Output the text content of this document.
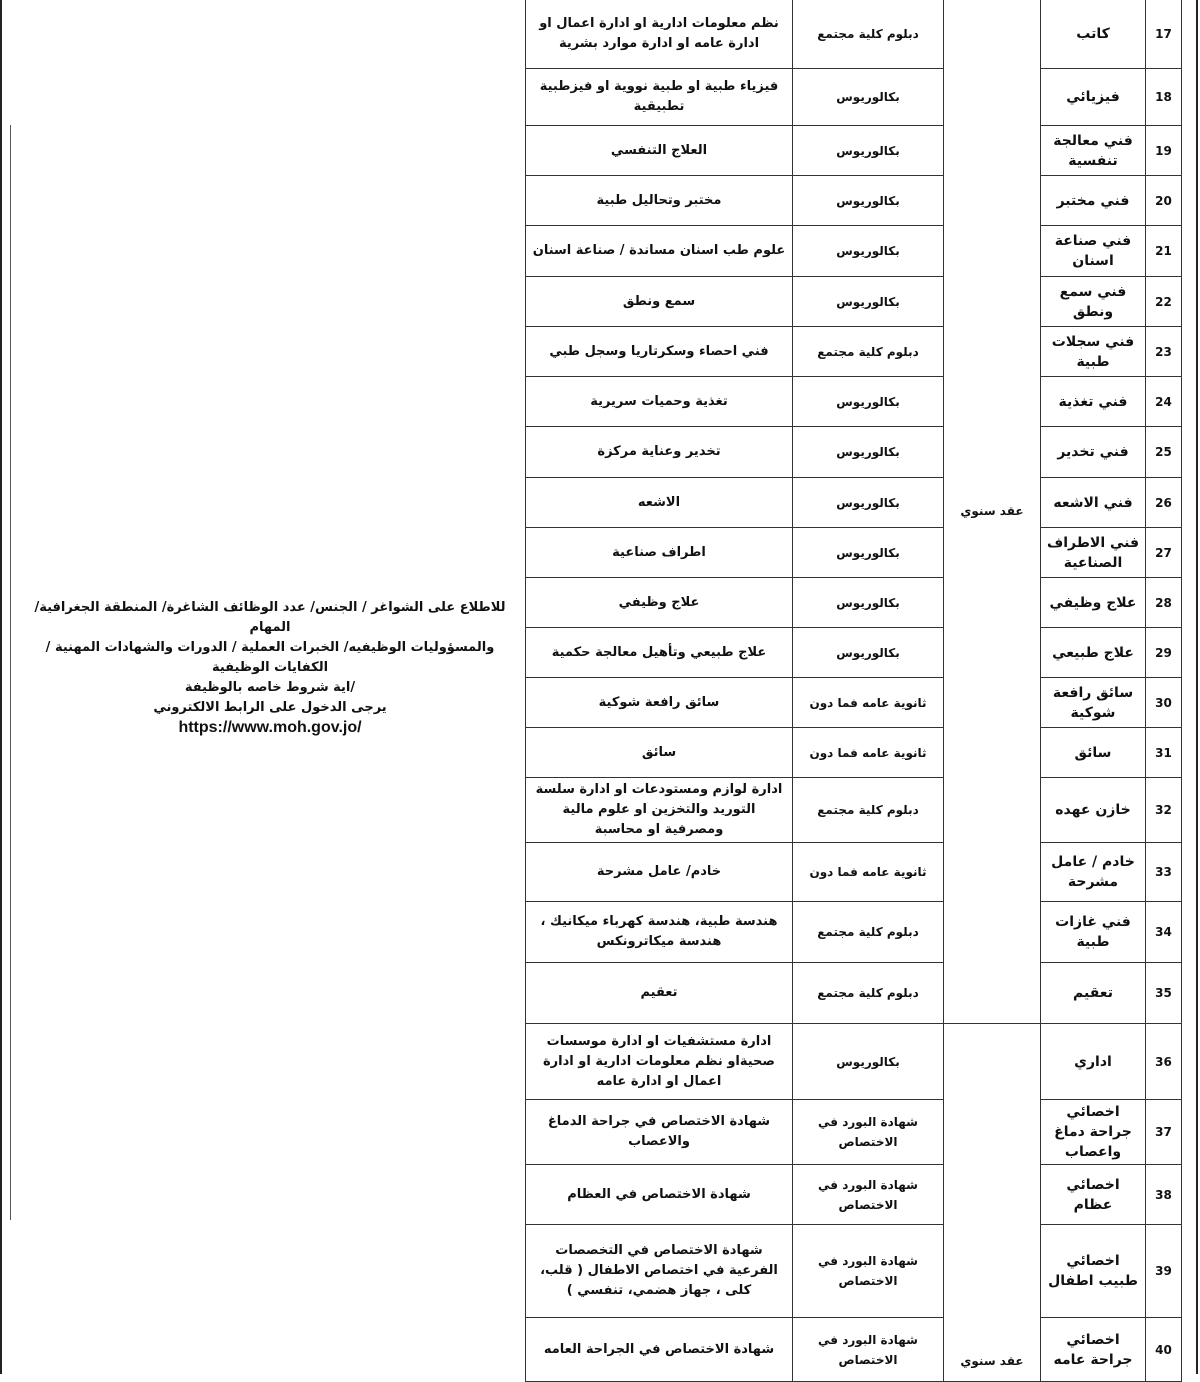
للاطلاع على الشواغر / الجنس/ عدد الوظائف الشاغرة/ المنطقة الجغرافية/ المهام
والمسؤوليات الوظيفيه/ الخبرات العملية / الدورات والشهادات المهنية / الكفايات الوظيفية
/اية شروط خاصه بالوظيفة
يرجى الدخول على الرابط الالكتروني
https://www.moh.gov.jo/
17	كاتب	عقد سنوي	دبلوم كلية مجتمع	نظم معلومات ادارية او ادارة اعمال او ادارة عامه او ادارة موارد بشرية
18	فيزيائي		بكالوريوس	فيزياء طبية او طبية نووية او فيزطبية تطبيقية
19	فني معالجة تنفسية		بكالوريوس	العلاج التنفسي
20	فني مختبر		بكالوريوس	مختبر وتحاليل طبية
21	فني صناعة اسنان		بكالوريوس	علوم طب اسنان مساندة / صناعة اسنان
22	فني سمع ونطق		بكالوريوس	سمع ونطق
23	فني سجلات طبية		دبلوم كلية مجتمع	فني احصاء وسكرتاريا وسجل طبي
24	فني تغذية		بكالوريوس	تغذية وحميات سريرية
25	فني تخدير		بكالوريوس	تخدير وعناية مركزة
26	فني الاشعه		بكالوريوس	الاشعه
27	فني الاطراف الصناعية		بكالوريوس	اطراف صناعية
28	علاج وظيفي		بكالوريوس	علاج وظيفي
29	علاج طبيعي		بكالوريوس	علاج طبيعي وتأهيل معالجة حكمية
30	سائق رافعة شوكية		ثانوية عامه فما دون	سائق رافعة شوكية
31	سائق		ثانوية عامه فما دون	سائق
32	خازن عهده		دبلوم كلية مجتمع	ادارة لوازم ومستودعات او ادارة سلسة التوريد والتخزين او علوم مالية ومصرفية او محاسبة
33	خادم / عامل مشرحة		ثانوية عامه فما دون	خادم/ عامل مشرحة
34	فني غازات طبية		دبلوم كلية مجتمع	هندسة طبية، هندسة كهرباء ميكانيك ، هندسة ميكاترونكس
35	تعقيم		دبلوم كلية مجتمع	تعقيم
36	اداري	عقد سنوي	بكالوريوس	ادارة مستشفيات او ادارة موسسات صحيةاو نظم معلومات ادارية او ادارة اعمال او ادارة عامه
37	اخصائي جراحة دماغ واعصاب		شهادة البورد في الاختصاص	شهادة الاختصاص في جراحة الدماغ والاعصاب
38	اخصائي عظام		شهادة البورد في الاختصاص	شهادة الاختصاص في العظام
39	اخصائي طبيب اطفال		شهادة البورد في الاختصاص	شهادة الاختصاص في التخصصات الفرعية في اختصاص الاطفال ( قلب، كلى ، جهاز هضمي، تنفسي )
40	اخصائي جراحة عامه		شهادة البورد في الاختصاص	شهادة الاختصاص في الجراحة العامه
